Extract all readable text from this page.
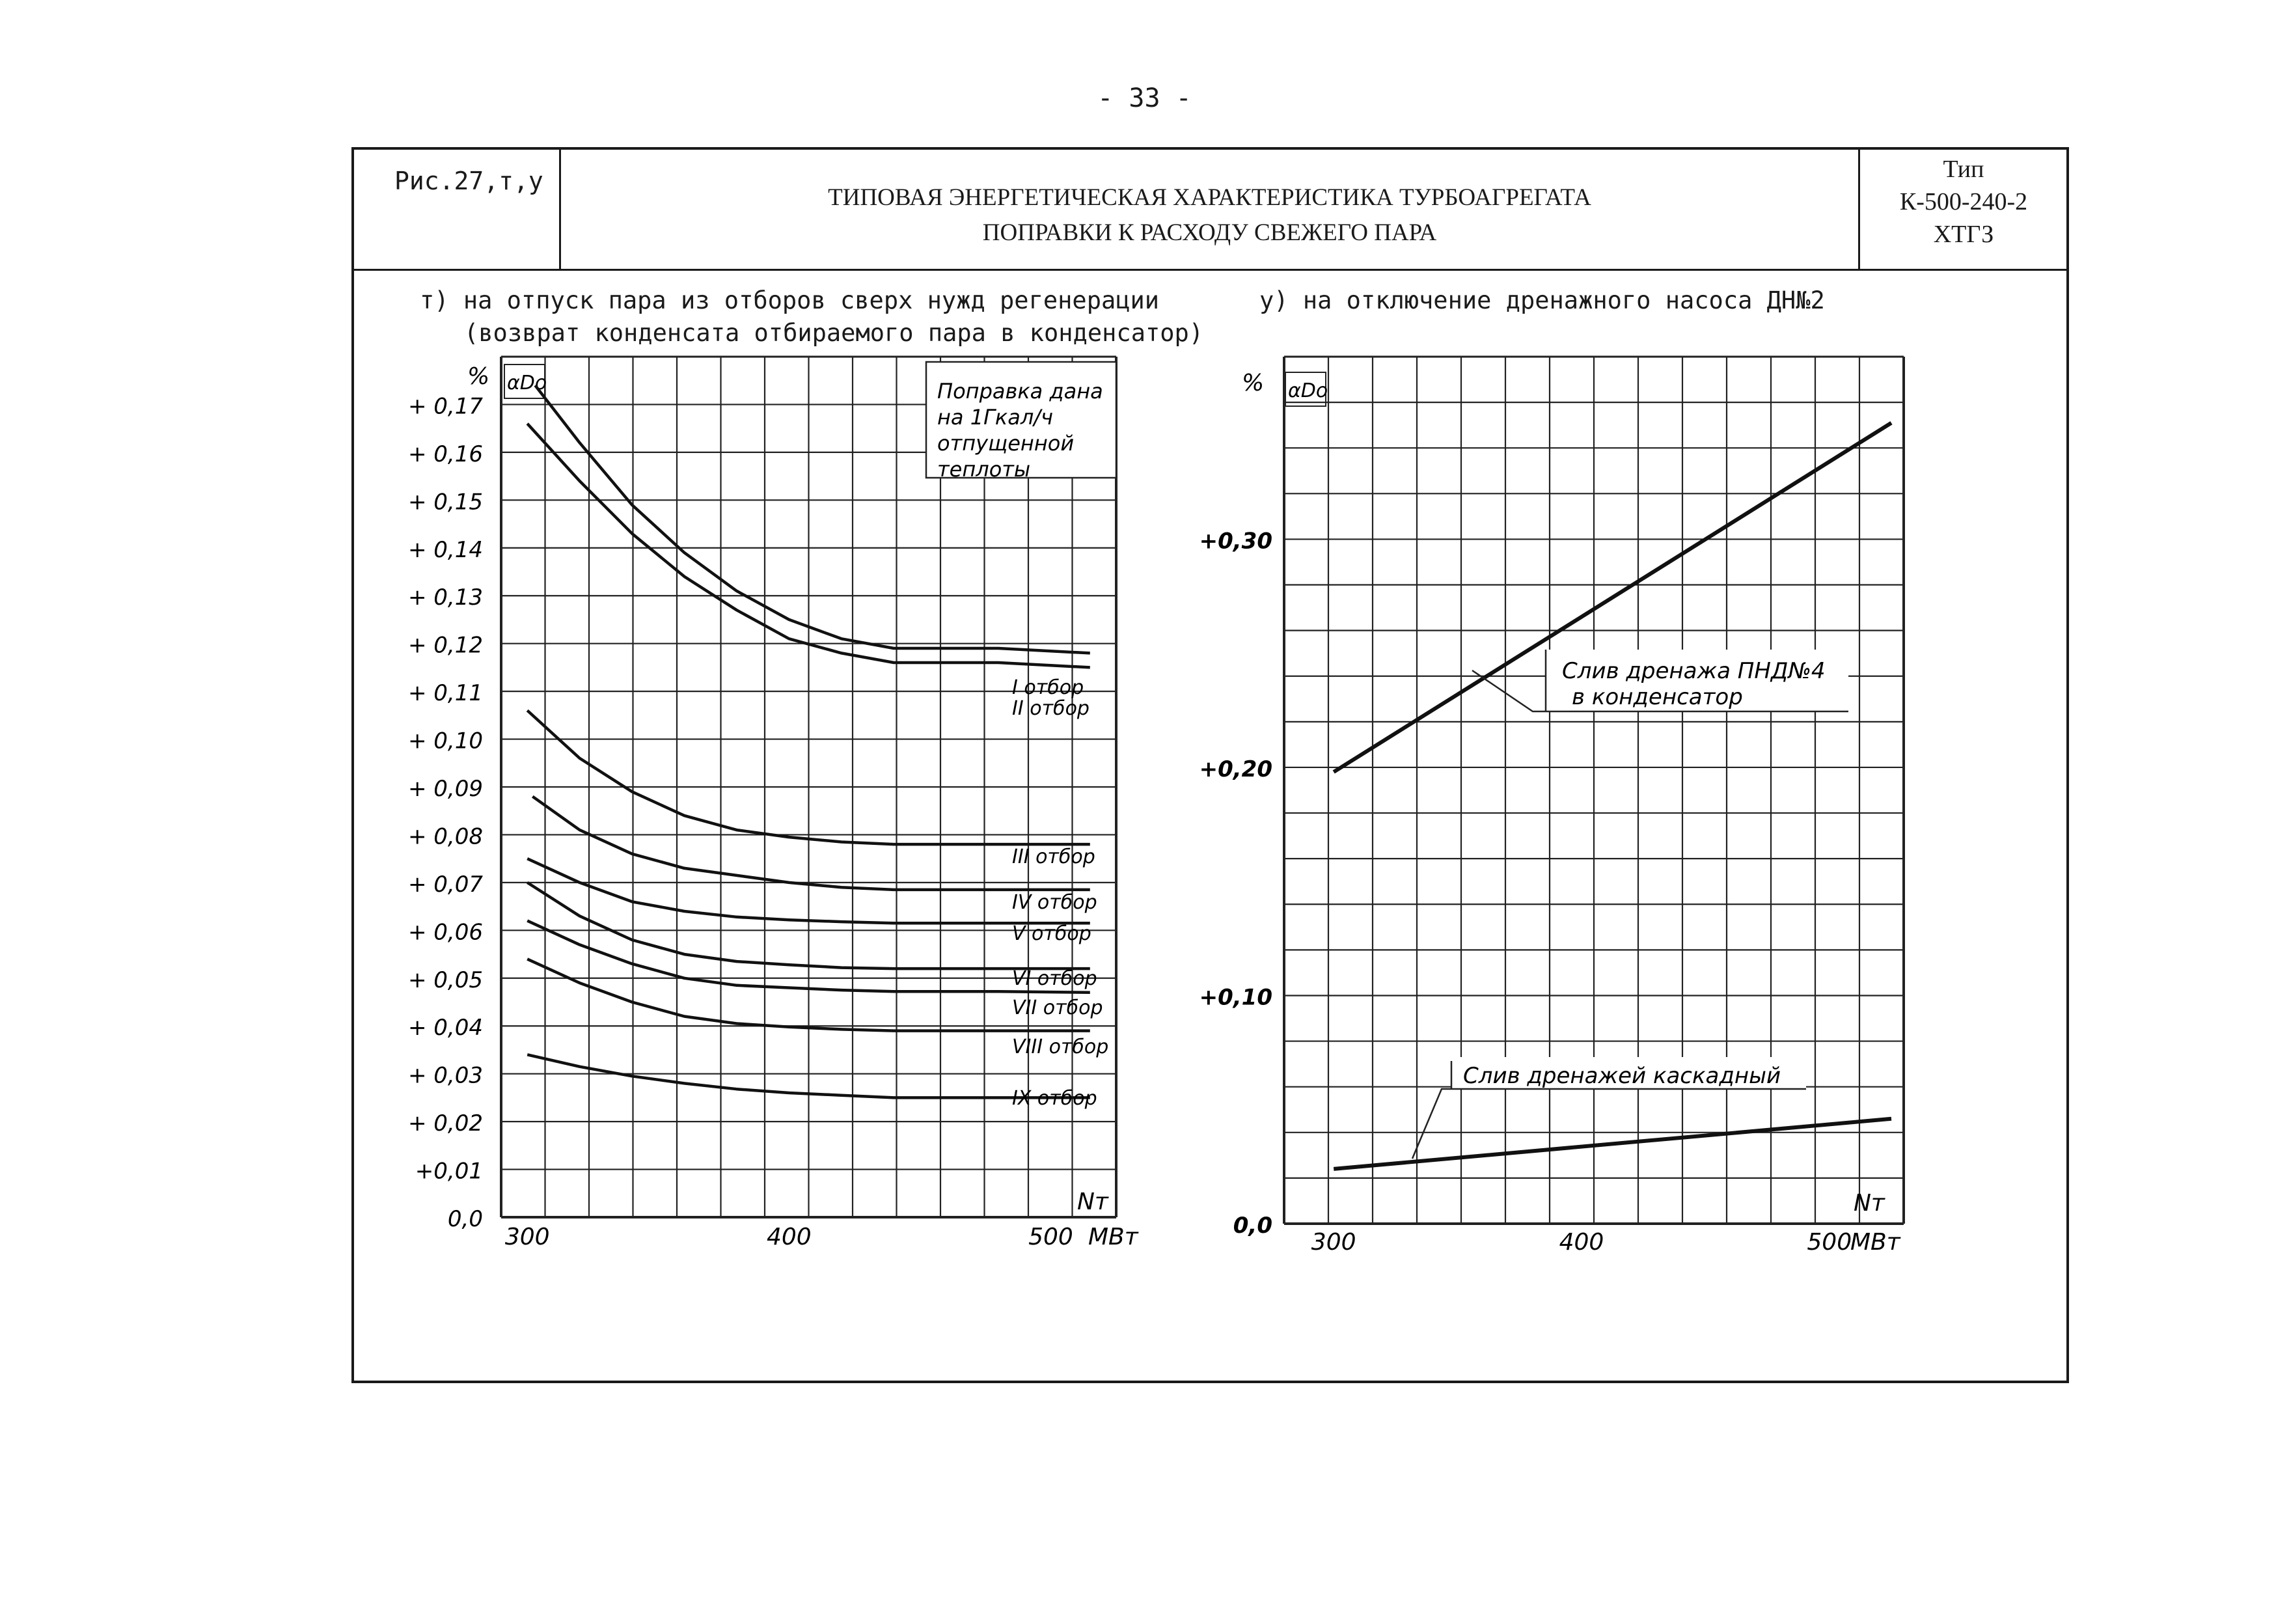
- 33 -
Рис.27,т,у
ТИПОВАЯ ЭНЕРГЕТИЧЕСКАЯ ХАРАКТЕРИСТИКА ТУРБОАГРЕГАТА
ПОПРАВКИ К РАСХОДУ СВЕЖЕГО ПАРА
Тип
К-500-240-2
ХТГЗ
т) на отпуск пара из отборов сверх нужд регенерации
(возврат конденсата отбираемого пара в конденсатор)
у) на отключение дренажного насоса ДН№2
+ 0,17
+ 0,16
+ 0,15
+ 0,14
+ 0,13
+ 0,12
+ 0,11
+ 0,10
+ 0,09
+ 0,08
+ 0,07
+ 0,06
+ 0,05
+ 0,04
+ 0,03
+ 0,02
+0,01
0,0
300	400	500 МВт
Nт
% αDo	Поправка дана
на 1Гкал/ч
отпущенной
теплоты
I отбор
II отбор
III отбор
IV отбор
V отбор
VI отбор
VII отбор
VIII отбор
IX отбор
+0,30
+0,20
+0,10
0,0
300	400	500
МВт
Nт
% αDo
Слив дренажа ПНД№4
в конденсатор
Слив дренажей каскадный
